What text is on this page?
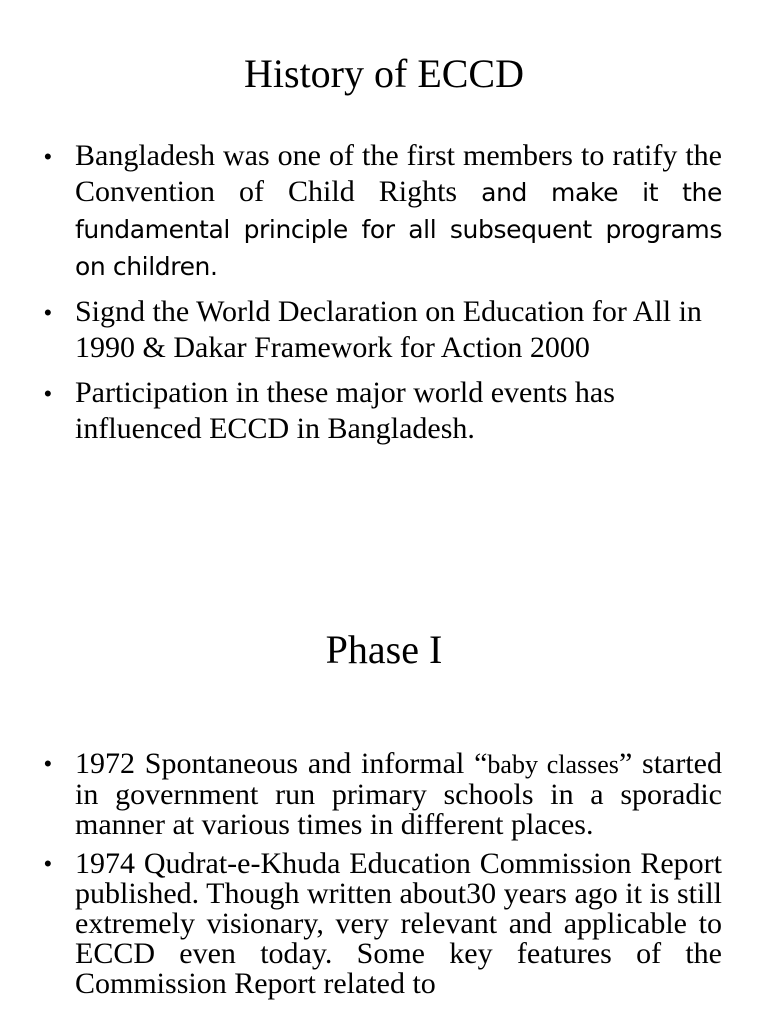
History of ECCD
• Bangladesh was one of the first members to ratify the Convention of Child Rights and make it the fundamental principle for all subsequent programs on children.
• Signd the World Declaration on Education for All in 1990 & Dakar Framework for Action 2000
• Participation in these major world events has influenced ECCD in Bangladesh.
Phase I
• 1972 Spontaneous and informal “baby classes” started in government run primary schools in a sporadic manner at various times in different places.
• 1974 Qudrat-e-Khuda Education Commission Report published. Though written about30 years ago it is still extremely visionary, very relevant and applicable to ECCD even today. Some key features of the Commission Report related to
